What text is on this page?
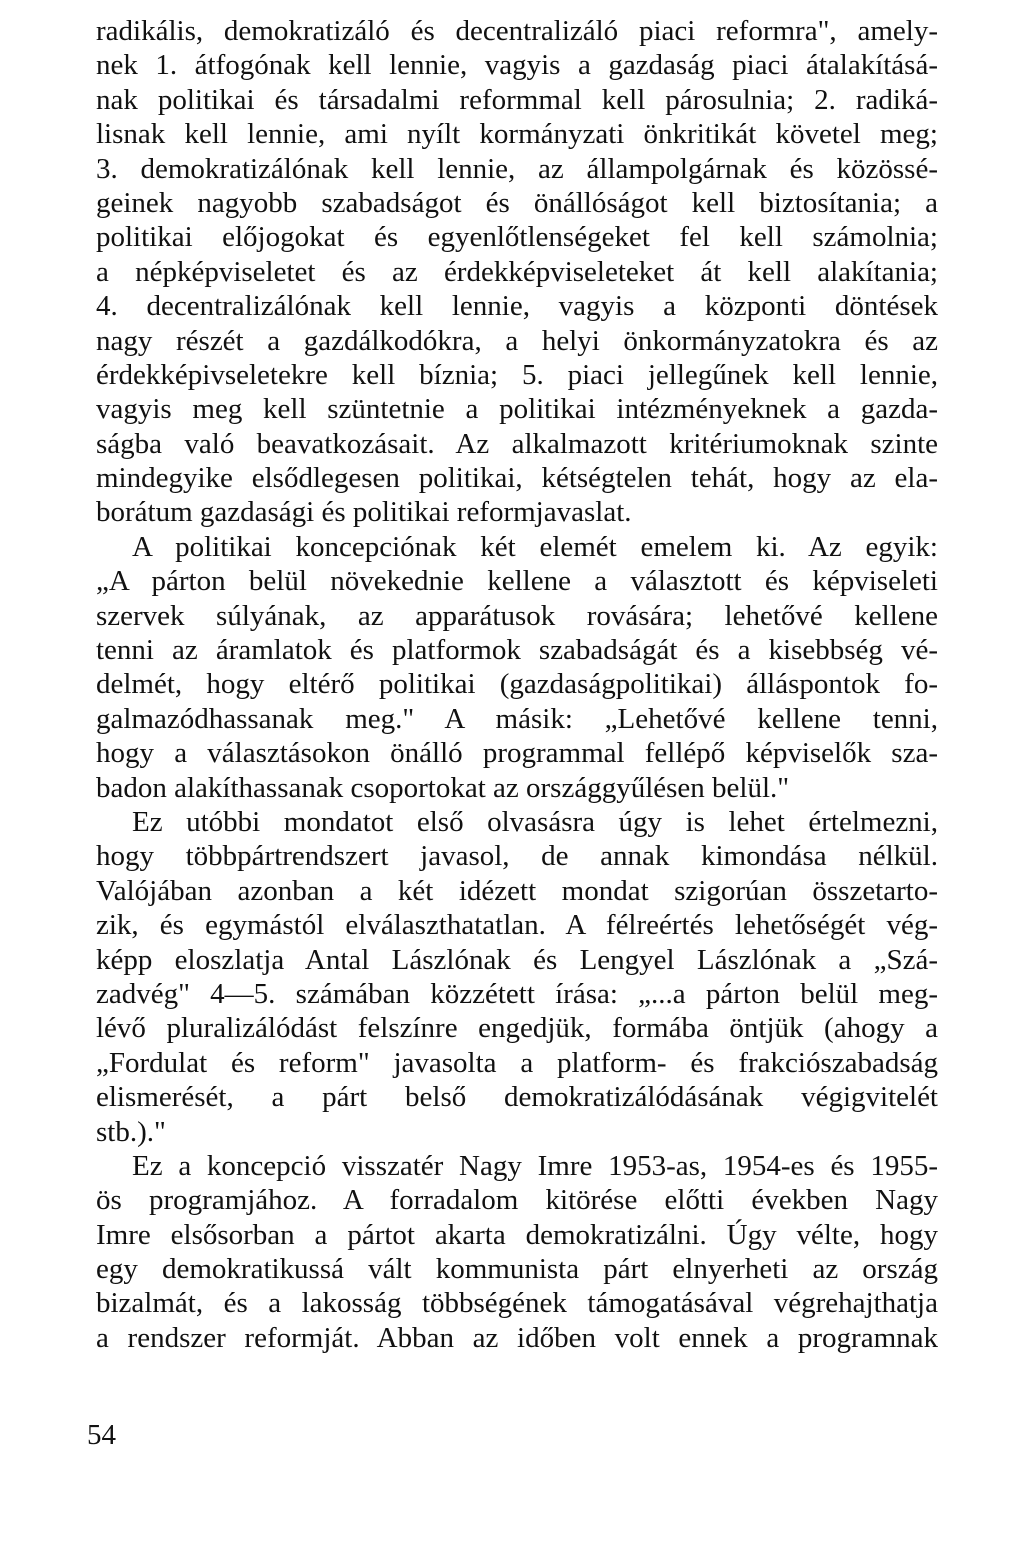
radikális, demokratizáló és decentralizáló piaci reformra", amely-
nek 1. átfogónak kell lennie, vagyis a gazdaság piaci átalakításá-
nak politikai és társadalmi reformmal kell párosulnia; 2. radiká-
lisnak kell lennie, ami nyílt kormányzati önkritikát követel meg;
3. demokratizálónak kell lennie, az állampolgárnak és közössé-
geinek nagyobb szabadságot és önállóságot kell biztosítania; a
politikai előjogokat és egyenlőtlenségeket fel kell számolnia;
a népképviseletet és az érdekképviseleteket át kell alakítania;
4. decentralizálónak kell lennie, vagyis a központi döntések
nagy részét a gazdálkodókra, a helyi önkormányzatokra és az
érdekképivseletekre kell bíznia; 5. piaci jellegűnek kell lennie,
vagyis meg kell szüntetnie a politikai intézményeknek a gazda-
ságba való beavatkozásait. Az alkalmazott kritériumoknak szinte
mindegyike elsődlegesen politikai, kétségtelen tehát, hogy az ela-
borátum gazdasági és politikai reformjavaslat.
A politikai koncepciónak két elemét emelem ki. Az egyik:
„A párton belül növekednie kellene a választott és képviseleti
szervek súlyának, az apparátusok rovására; lehetővé kellene
tenni az áramlatok és platformok szabadságát és a kisebbség vé-
delmét, hogy eltérő politikai (gazdaságpolitikai) álláspontok fo-
galmazódhassanak meg." A másik: „Lehetővé kellene tenni,
hogy a választásokon önálló programmal fellépő képviselők sza-
badon alakíthassanak csoportokat az országgyűlésen belül."
Ez utóbbi mondatot első olvasásra úgy is lehet értelmezni,
hogy többpártrendszert javasol, de annak kimondása nélkül.
Valójában azonban a két idézett mondat szigorúan összetarto-
zik, és egymástól elválaszthatatlan. A félreértés lehetőségét vég-
képp eloszlatja Antal Lászlónak és Lengyel Lászlónak a „Szá-
zadvég" 4—5. számában közzétett írása: „...a párton belül meg-
lévő pluralizálódást felszínre engedjük, formába öntjük (ahogy a
„Fordulat és reform" javasolta a platform- és frakciószabadság
elismerését, a párt belső demokratizálódásának végigvitelét
stb.)."
Ez a koncepció visszatér Nagy Imre 1953-as, 1954-es és 1955-
ös programjához. A forradalom kitörése előtti években Nagy
Imre elsősorban a pártot akarta demokratizálni. Úgy vélte, hogy
egy demokratikussá vált kommunista párt elnyerheti az ország
bizalmát, és a lakosság többségének támogatásával végrehajthatja
a rendszer reformját. Abban az időben volt ennek a programnak
54
